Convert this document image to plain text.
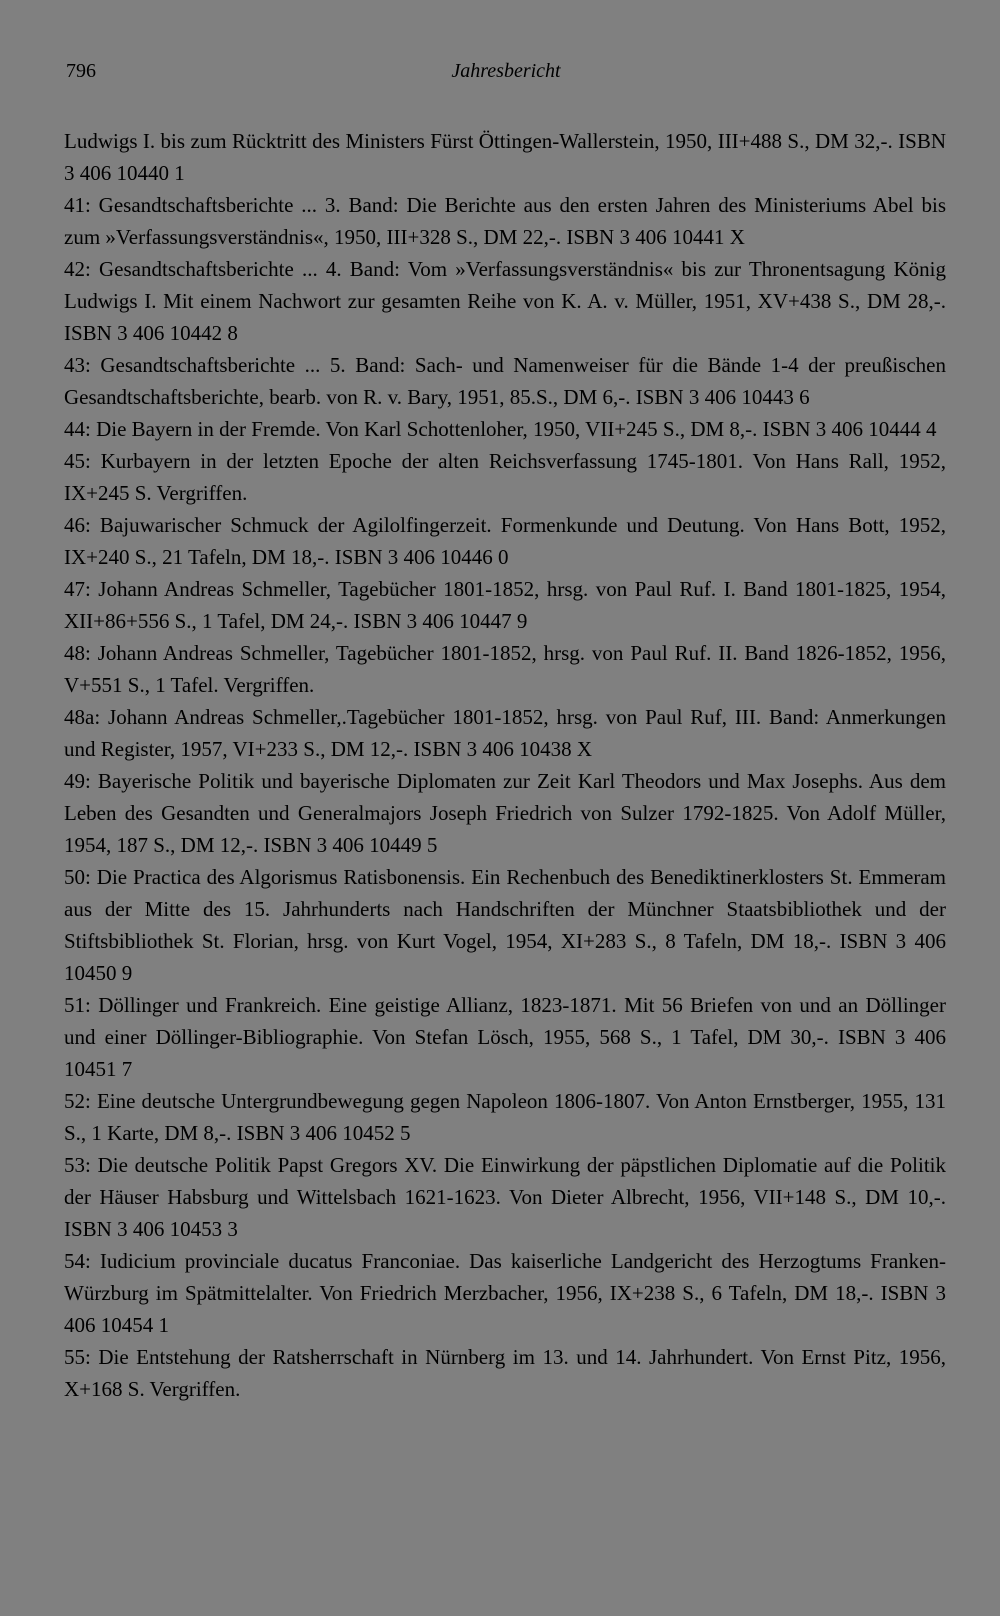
796	Jahresbericht
Ludwigs I. bis zum Rücktritt des Ministers Fürst Öttingen-Wallerstein, 1950, III+488 S., DM 32,-. ISBN 3 406 10440 1
41: Gesandtschaftsberichte ... 3. Band: Die Berichte aus den ersten Jahren des Ministeriums Abel bis zum »Verfassungsverständnis«, 1950, III+328 S., DM 22,-. ISBN 3 406 10441 X
42: Gesandtschaftsberichte ... 4. Band: Vom »Verfassungsverständnis« bis zur Thronentsagung König Ludwigs I. Mit einem Nachwort zur gesamten Reihe von K. A. v. Müller, 1951, XV+438 S., DM 28,-. ISBN 3 406 10442 8
43: Gesandtschaftsberichte ... 5. Band: Sach- und Namenweiser für die Bände 1-4 der preußischen Gesandtschaftsberichte, bearb. von R. v. Bary, 1951, 85.S., DM 6,-. ISBN 3 406 10443 6
44: Die Bayern in der Fremde. Von Karl Schottenloher, 1950, VII+245 S., DM 8,-. ISBN 3 406 10444 4
45: Kurbayern in der letzten Epoche der alten Reichsverfassung 1745-1801. Von Hans Rall, 1952, IX+245 S. Vergriffen.
46: Bajuwarischer Schmuck der Agilolfingerzeit. Formenkunde und Deutung. Von Hans Bott, 1952, IX+240 S., 21 Tafeln, DM 18,-. ISBN 3 406 10446 0
47: Johann Andreas Schmeller, Tagebücher 1801-1852, hrsg. von Paul Ruf. I. Band 1801-1825, 1954, XII+86+556 S., 1 Tafel, DM 24,-. ISBN 3 406 10447 9
48: Johann Andreas Schmeller, Tagebücher 1801-1852, hrsg. von Paul Ruf. II. Band 1826-1852, 1956, V+551 S., 1 Tafel. Vergriffen.
48a: Johann Andreas Schmeller,.Tagebücher 1801-1852, hrsg. von Paul Ruf, III. Band: Anmerkungen und Register, 1957, VI+233 S., DM 12,-. ISBN 3 406 10438 X
49: Bayerische Politik und bayerische Diplomaten zur Zeit Karl Theodors und Max Josephs. Aus dem Leben des Gesandten und Generalmajors Joseph Friedrich von Sulzer 1792-1825. Von Adolf Müller, 1954, 187 S., DM 12,-. ISBN 3 406 10449 5
50: Die Practica des Algorismus Ratisbonensis. Ein Rechenbuch des Benediktinerklosters St. Emmeram aus der Mitte des 15. Jahrhunderts nach Handschriften der Münchner Staatsbibliothek und der Stiftsbibliothek St. Florian, hrsg. von Kurt Vogel, 1954, XI+283 S., 8 Tafeln, DM 18,-. ISBN 3 406 10450 9
51: Döllinger und Frankreich. Eine geistige Allianz, 1823-1871. Mit 56 Briefen von und an Döllinger und einer Döllinger-Bibliographie. Von Stefan Lösch, 1955, 568 S., 1 Tafel, DM 30,-. ISBN 3 406 10451 7
52: Eine deutsche Untergrundbewegung gegen Napoleon 1806-1807. Von Anton Ernstberger, 1955, 131 S., 1 Karte, DM 8,-. ISBN 3 406 10452 5
53: Die deutsche Politik Papst Gregors XV. Die Einwirkung der päpstlichen Diplomatie auf die Politik der Häuser Habsburg und Wittelsbach 1621-1623. Von Dieter Albrecht, 1956, VII+148 S., DM 10,-. ISBN 3 406 10453 3
54: Iudicium provinciale ducatus Franconiae. Das kaiserliche Landgericht des Herzogtums Franken-Würzburg im Spätmittelalter. Von Friedrich Merzbacher, 1956, IX+238 S., 6 Tafeln, DM 18,-. ISBN 3 406 10454 1
55: Die Entstehung der Ratsherrschaft in Nürnberg im 13. und 14. Jahrhundert. Von Ernst Pitz, 1956, X+168 S. Vergriffen.
